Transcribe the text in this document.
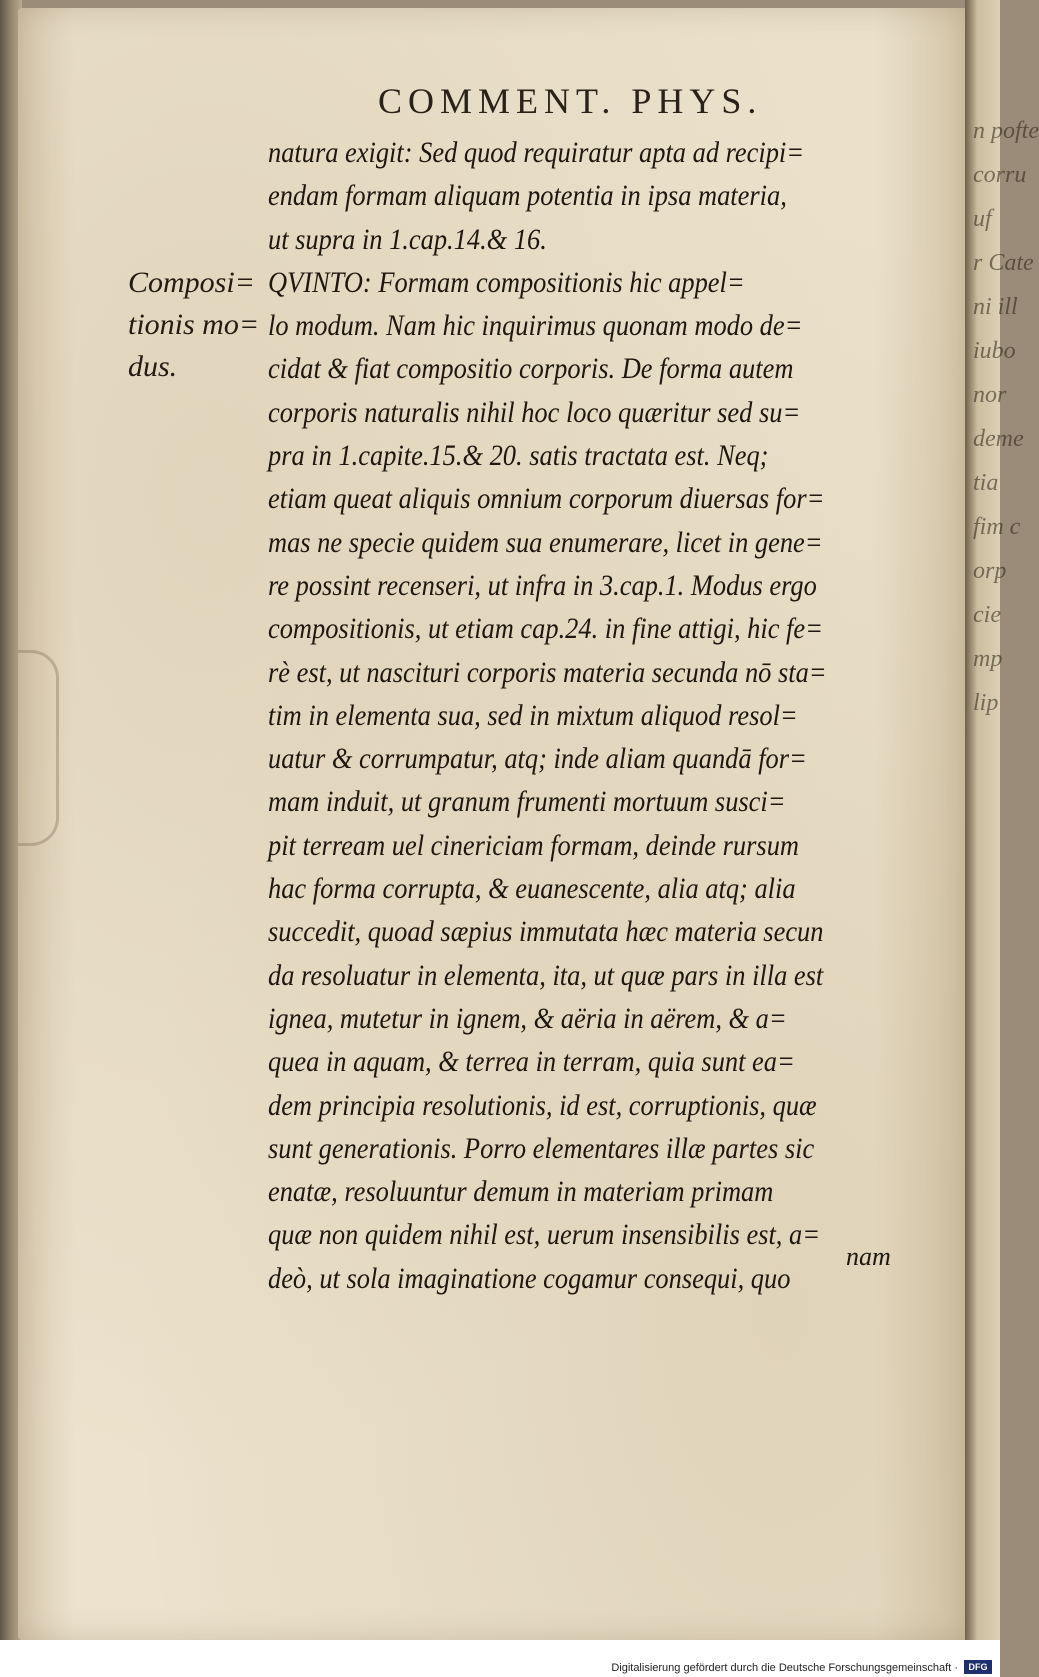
n pofte
corru
uf
r Cate
ni ill
iubo
nor
deme
tia
fim c
orp
cie
mp
lip
COMMENT. PHYS.
Composi=
tionis mo=
dus.
natura exigit: Sed quod requiratur apta ad recipi=
endam formam aliquam potentia in ipsa materia,
ut supra in 1.cap.14.& 16.
QVINTO: Formam compositionis hic appel=
lo modum. Nam hic inquirimus quonam modo de=
cidat & fiat compositio corporis. De forma autem
corporis naturalis nihil hoc loco quæritur sed su=
pra in 1.capite.15.& 20. satis tractata est. Neq;
etiam queat aliquis omnium corporum diuersas for=
mas ne specie quidem sua enumerare, licet in gene=
re possint recenseri, ut infra in 3.cap.1. Modus ergo
compositionis, ut etiam cap.24. in fine attigi, hic fe=
rè est, ut nascituri corporis materia secunda nō sta=
tim in elementa sua, sed in mixtum aliquod resol=
uatur & corrumpatur, atq; inde aliam quandā for=
mam induit, ut granum frumenti mortuum susci=
pit terream uel cinericiam formam, deinde rursum
hac forma corrupta, & euanescente, alia atq; alia
succedit, quoad sæpius immutata hæc materia secun
da resoluatur in elementa, ita, ut quæ pars in illa est
ignea, mutetur in ignem, & aëria in aërem, & a=
quea in aquam, & terrea in terram, quia sunt ea=
dem principia resolutionis, id est, corruptionis, quæ
sunt generationis. Porro elementares illæ partes sic
enatæ, resoluuntur demum in materiam primam
quæ non quidem nihil est, uerum insensibilis est, a=
deò, ut sola imaginatione cogamur consequi, quo
nam
Digitalisierung gefördert durch die Deutsche Forschungsgemeinschaft ·	DFG
